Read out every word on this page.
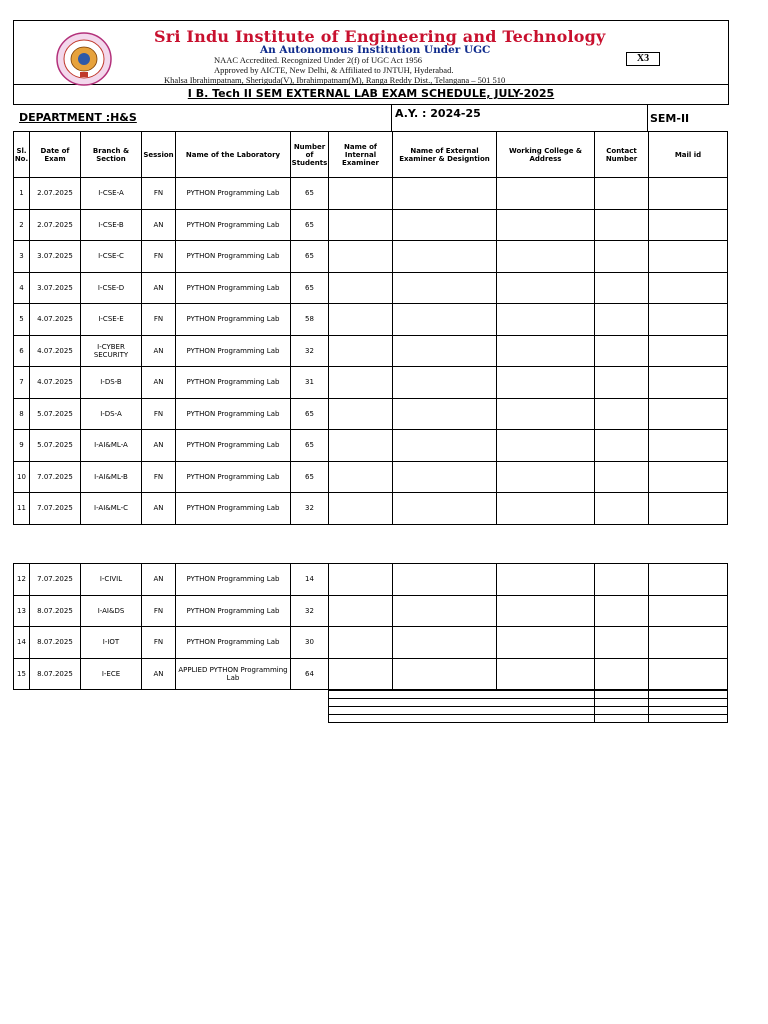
Sri Indu Institute of Engineering and Technology
An Autonomous Institution Under UGC
NAAC Accredited. Recognized Under 2(f) of UGC Act 1956
Approved by AICTE, New Delhi, & Affiliated to JNTUH, Hyderabad.
Khalsa Ibrahimpatnam, Sheriguda(V), Ibrahimpatnam(M), Ranga Reddy Dist., Telangana – 501 510
X3
I B. Tech II SEM EXTERNAL LAB EXAM SCHEDULE, JULY-2025
DEPARTMENT :H&S	A.Y. : 2024-25	SEM-II
Sl. No.	Date of Exam	Branch & Section	Session	Name of the Laboratory	Number of Students	Name of Internal Examiner	Name of External Examiner & Designtion	Working College & Address	Contact Number	Mail id
1	2.07.2025	I-CSE-A	FN	PYTHON Programming Lab	65					
2	2.07.2025	I-CSE-B	AN	PYTHON Programming Lab	65					
3	3.07.2025	I-CSE-C	FN	PYTHON Programming Lab	65					
4	3.07.2025	I-CSE-D	AN	PYTHON Programming Lab	65					
5	4.07.2025	I-CSE-E	FN	PYTHON Programming Lab	58					
6	4.07.2025	I-CYBER SECURITY	AN	PYTHON Programming Lab	32					
7	4.07.2025	I-DS-B	AN	PYTHON Programming Lab	31					
8	5.07.2025	I-DS-A	FN	PYTHON Programming Lab	65					
9	5.07.2025	I-AI&ML-A	AN	PYTHON Programming Lab	65					
10	7.07.2025	I-AI&ML-B	FN	PYTHON Programming Lab	65					
11	7.07.2025	I-AI&ML-C	AN	PYTHON Programming Lab	32					
12	7.07.2025	I-CIVIL	AN	PYTHON Programming Lab	14					
13	8.07.2025	I-AI&DS	FN	PYTHON Programming Lab	32					
14	8.07.2025	I-IOT	FN	PYTHON Programming Lab	30					
15	8.07.2025	I-ECE	AN	APPLIED PYTHON Programming Lab	64					
